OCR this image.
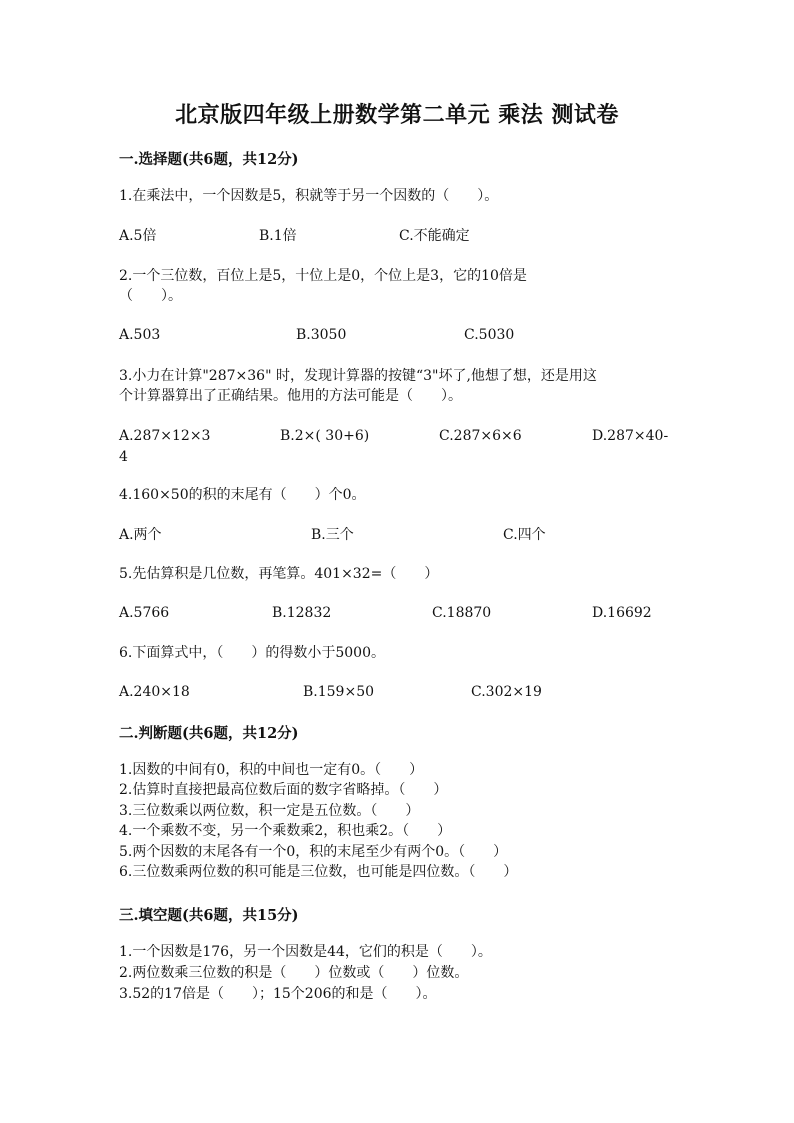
北京版四年级上册数学第二单元 乘法 测试卷
一.选择题(共6题，共12分)
1.在乘法中，一个因数是5，积就等于另一个因数的（　　）。
A.5倍	B.1倍	C.不能确定
2.一个三位数，百位上是5，十位上是0，个位上是3，它的10倍是
（　　）。
A.503	B.3050	C.5030
3.小力在计算"287×36" 时，发现计算器的按键“3"坏了,他想了想，还是用这
个计算器算出了正确结果。他用的方法可能是（　　）。
A.287×12×3	B.2×( 30+6)	C.287×6×6	D.287×40-
4
4.160×50的积的末尾有（　　）个0。
A.两个	B.三个	C.四个
5.先估算积是几位数，再笔算。401×32=（　　）
A.5766	B.12832	C.18870	D.16692
6.下面算式中，（　　）的得数小于5000。
A.240×18	B.159×50	C.302×19
二.判断题(共6题，共12分)
1.因数的中间有0，积的中间也一定有0。（　　）
2.估算时直接把最高位数后面的数字省略掉。（　　）
3.三位数乘以两位数，积一定是五位数。（　　）
4.一个乘数不变，另一个乘数乘2，积也乘2。（　　）
5.两个因数的末尾各有一个0，积的末尾至少有两个0。（　　）
6.三位数乘两位数的积可能是三位数，也可能是四位数。（　　）
三.填空题(共6题，共15分)
1.一个因数是176，另一个因数是44，它们的积是（　　）。
2.两位数乘三位数的积是（　　）位数或（　　）位数。
3.52的17倍是（　　）；15个206的和是（　　）。
